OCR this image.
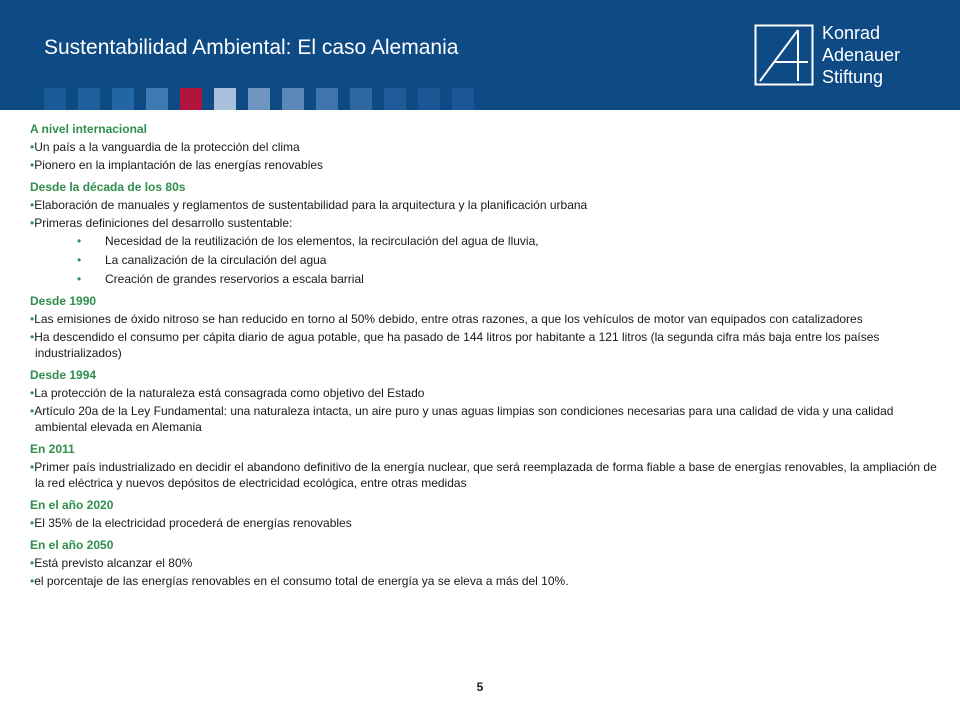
Sustentabilidad Ambiental: El caso Alemania
Konrad
Adenauer
Stiftung
A nivel internacional
•Un país a la vanguardia de la protección del clima
•Pionero en la implantación de las energías renovables
Desde la década de los 80s
•Elaboración de manuales y reglamentos de sustentabilidad para la arquitectura y la planificación urbana
•Primeras definiciones del desarrollo sustentable:
• Necesidad de la reutilización de los elementos, la recirculación del agua de lluvia,
• La canalización de la circulación del agua
• Creación de grandes reservorios a escala barrial
Desde 1990
•Las emisiones de óxido nitroso se han reducido en torno al 50% debido, entre otras razones, a que los vehículos de motor van equipados con catalizadores
•Ha descendido el consumo per cápita diario de agua potable, que ha pasado de 144 litros por habitante a 121 litros (la segunda cifra más baja entre los países industrializados)
Desde 1994
•La protección de la naturaleza está consagrada como objetivo del Estado
•Artículo 20a de la Ley Fundamental: una naturaleza intacta, un aire puro y unas aguas limpias son condiciones necesarias para una calidad de vida y una calidad ambiental elevada en Alemania
En 2011
•Primer país industrializado en decidir el abandono definitivo de la energía nuclear, que será reemplazada de forma fiable a base de energías renovables, la ampliación de la red eléctrica y nuevos depósitos de electricidad ecológica, entre otras medidas
En el año 2020
•El 35% de la electricidad procederá de energías renovables
En el año 2050
•Está previsto alcanzar el 80%
•el porcentaje de las energías renovables en el consumo total de energía ya se eleva a más del 10%.
5
